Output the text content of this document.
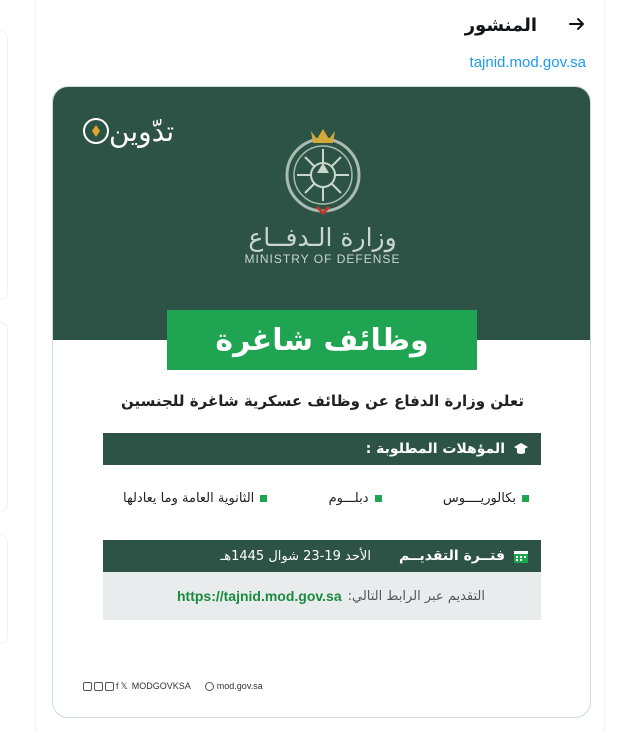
المنشور
tajnid.mod.gov.sa
تدّوين
وزارة الـدفــاع
MINISTRY OF DEFENSE
وظائف شاغرة
تعلن وزارة الدفاع عن وظائف عسكرية شاغرة للجنسين
المؤهلات المطلوبة :
بكالوريــــوس
دبلـــوم
الثانوية العامة وما يعادلها
فتــرة التقديــم
الأحد 19-23 شوال 1445هـ
التقديم عبر الرابط التالي:
https://tajnid.mod.gov.sa
f 𝕏 MODGOVKSA	mod.gov.sa
